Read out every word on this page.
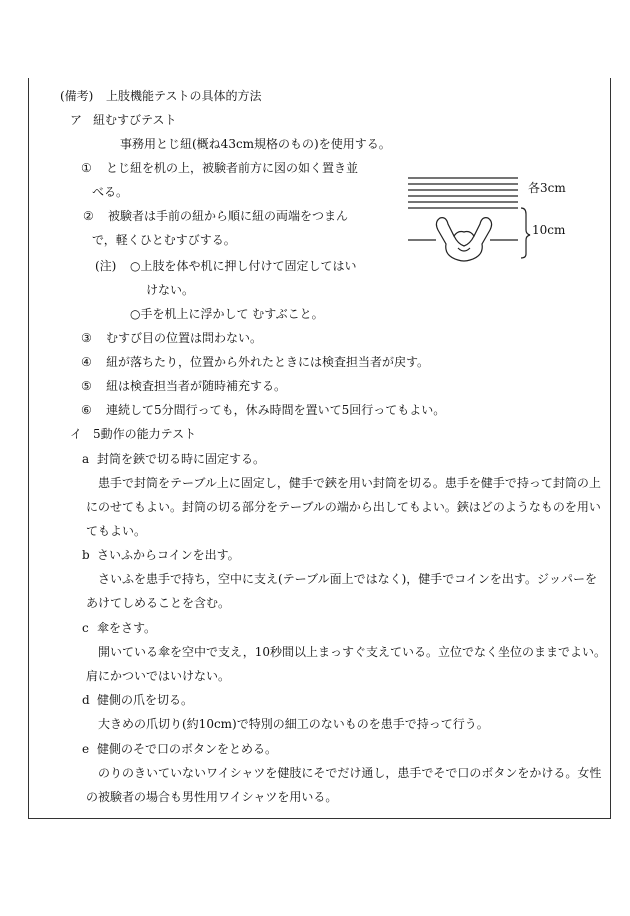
(備考) 上肢機能テストの具体的方法
ア 紐むすびテスト
事務用とじ紐(概ね43cm規格のもの)を使用する。
① とじ紐を机の上，被験者前方に図の如く置き並
べる。
② 被験者は手前の紐から順に紐の両端をつまん
で，軽くひとむすびする。
(注) ○上肢を体や机に押し付けて固定してはい
けない。
○手を机上に浮かして むすぶこと。
③ むすび目の位置は問わない。
④ 紐が落ちたり，位置から外れたときには検査担当者が戻す。
⑤ 紐は検査担当者が随時補充する。
⑥ 連続して5分間行っても，休み時間を置いて5回行ってもよい。
各3cm
10cm
イ 5動作の能力テスト
a 封筒を鋏で切る時に固定する。
患手で封筒をテーブル上に固定し，健手で鋏を用い封筒を切る。患手を健手で持って封筒の上
にのせてもよい。封筒の切る部分をテーブルの端から出してもよい。鋏はどのようなものを用い
てもよい。
b さいふからコインを出す。
さいふを患手で持ち，空中に支え(テーブル面上ではなく)，健手でコインを出す。ジッパーを
あけてしめることを含む。
c 傘をさす。
開いている傘を空中で支え，10秒間以上まっすぐ支えている。立位でなく坐位のままでよい。
肩にかついではいけない。
d 健側の爪を切る。
大きめの爪切り(約10cm)で特別の細工のないものを患手で持って行う。
e 健側のそで口のボタンをとめる。
のりのきいていないワイシャツを健肢にそでだけ通し，患手でそで口のボタンをかける。女性
の被験者の場合も男性用ワイシャツを用いる。
